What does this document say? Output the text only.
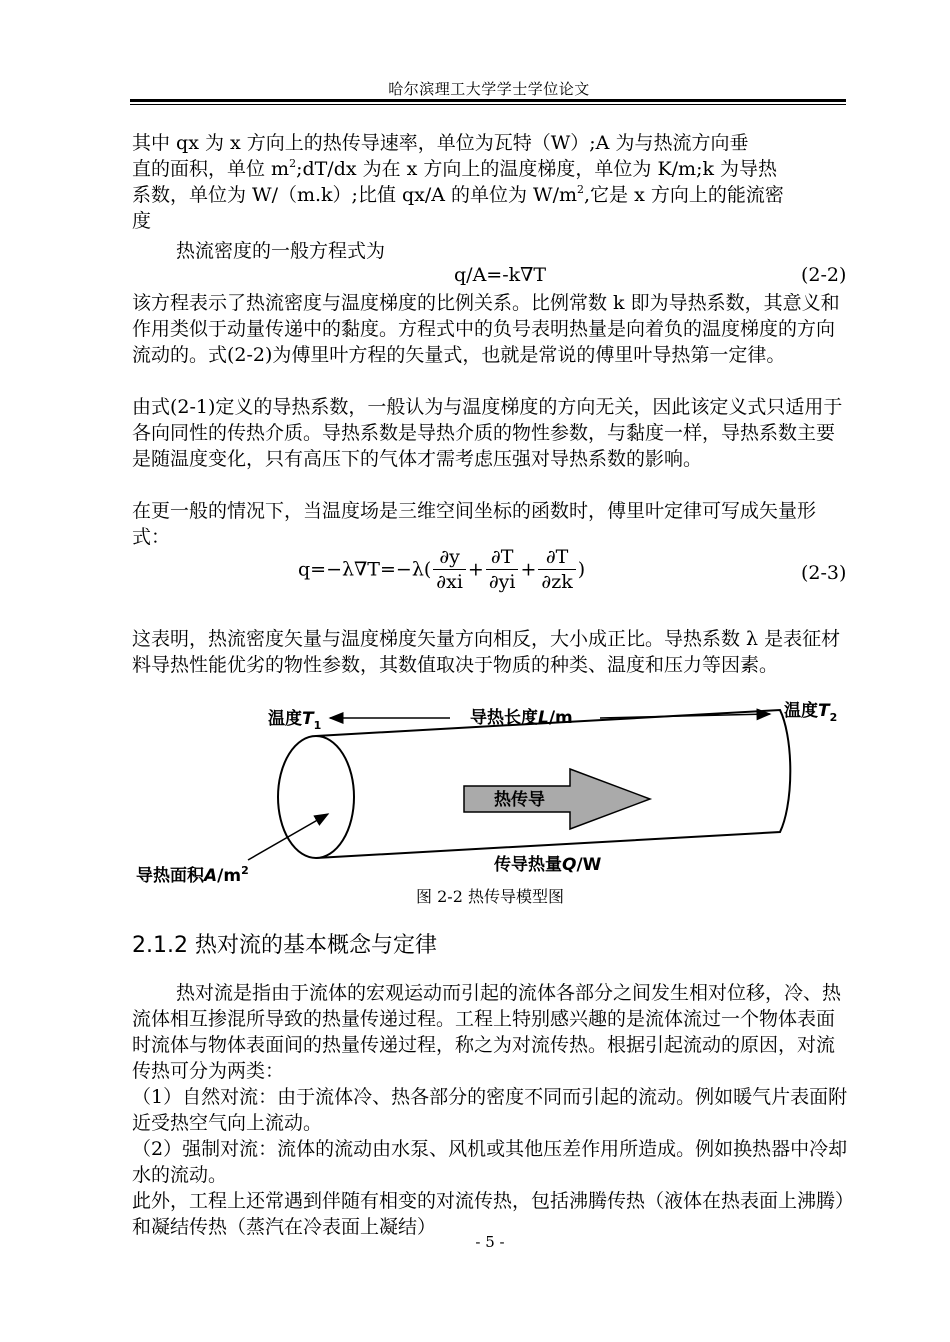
哈尔滨理工大学学士学位论文
其中 qx 为 x 方向上的热传导速率，单位为瓦特（W）;A 为与热流方向垂
直的面积，单位 $m^2;dT/dx$ 为在 x 方向上的温度梯度，单位为 K/m;k 为导热
系数，单位为 W/（m.k）;比值 qx/A 的单位为 $W/m^2$,它是 x 方向上的能流密
度
热流密度的一般方程式为
q/A=-k∇T	(2-2)
该方程表示了热流密度与温度梯度的比例关系。比例常数 k 即为导热系数，其意义和作用类似于动量传递中的黏度。方程式中的负号表明热量是向着负的温度梯度的方向流动的。式(2-2)为傅里叶方程的矢量式，也就是常说的傅里叶导热第一定律。
由式(2-1)定义的导热系数，一般认为与温度梯度的方向无关，因此该定义式只适用于各向同性的传热介质。导热系数是导热介质的物性参数，与黏度一样，导热系数主要是随温度变化，只有高压下的气体才需考虑压强对导热系数的影响。
在更一般的情况下，当温度场是三维空间坐标的函数时，傅里叶定律可写成矢量形式：
$q=-\lambda\nabla T=-\lambda( \frac{\partial y}{\partial xi} + \frac{\partial T}{\partial yi} + \frac{\partial T}{\partial zk}$ )	(2-3)
这表明，热流密度矢量与温度梯度矢量方向相反，大小成正比。导热系数 λ 是表征材料导热性能优劣的物性参数，其数值取决于物质的种类、温度和压力等因素。
温度$T_1$	导热长度L/m	温度$T_2$
热传导
导热面积$A/m^2$	传导热量Q/W
图 2-2 热传导模型图
2.1.2 热对流的基本概念与定律
热对流是指由于流体的宏观运动而引起的流体各部分之间发生相对位移，冷、热流体相互掺混所导致的热量传递过程。工程上特别感兴趣的是流体流过一个物体表面时流体与物体表面间的热量传递过程，称之为对流传热。根据引起流动的原因，对流传热可分为两类：
（1）自然对流：由于流体冷、热各部分的密度不同而引起的流动。例如暖气片表面附近受热空气向上流动。
（2）强制对流：流体的流动由水泵、风机或其他压差作用所造成。例如换热器中冷却水的流动。
此外，工程上还常遇到伴随有相变的对流传热，包括沸腾传热（液体在热表面上沸腾）和凝结传热（蒸汽在冷表面上凝结）
- 5 -
